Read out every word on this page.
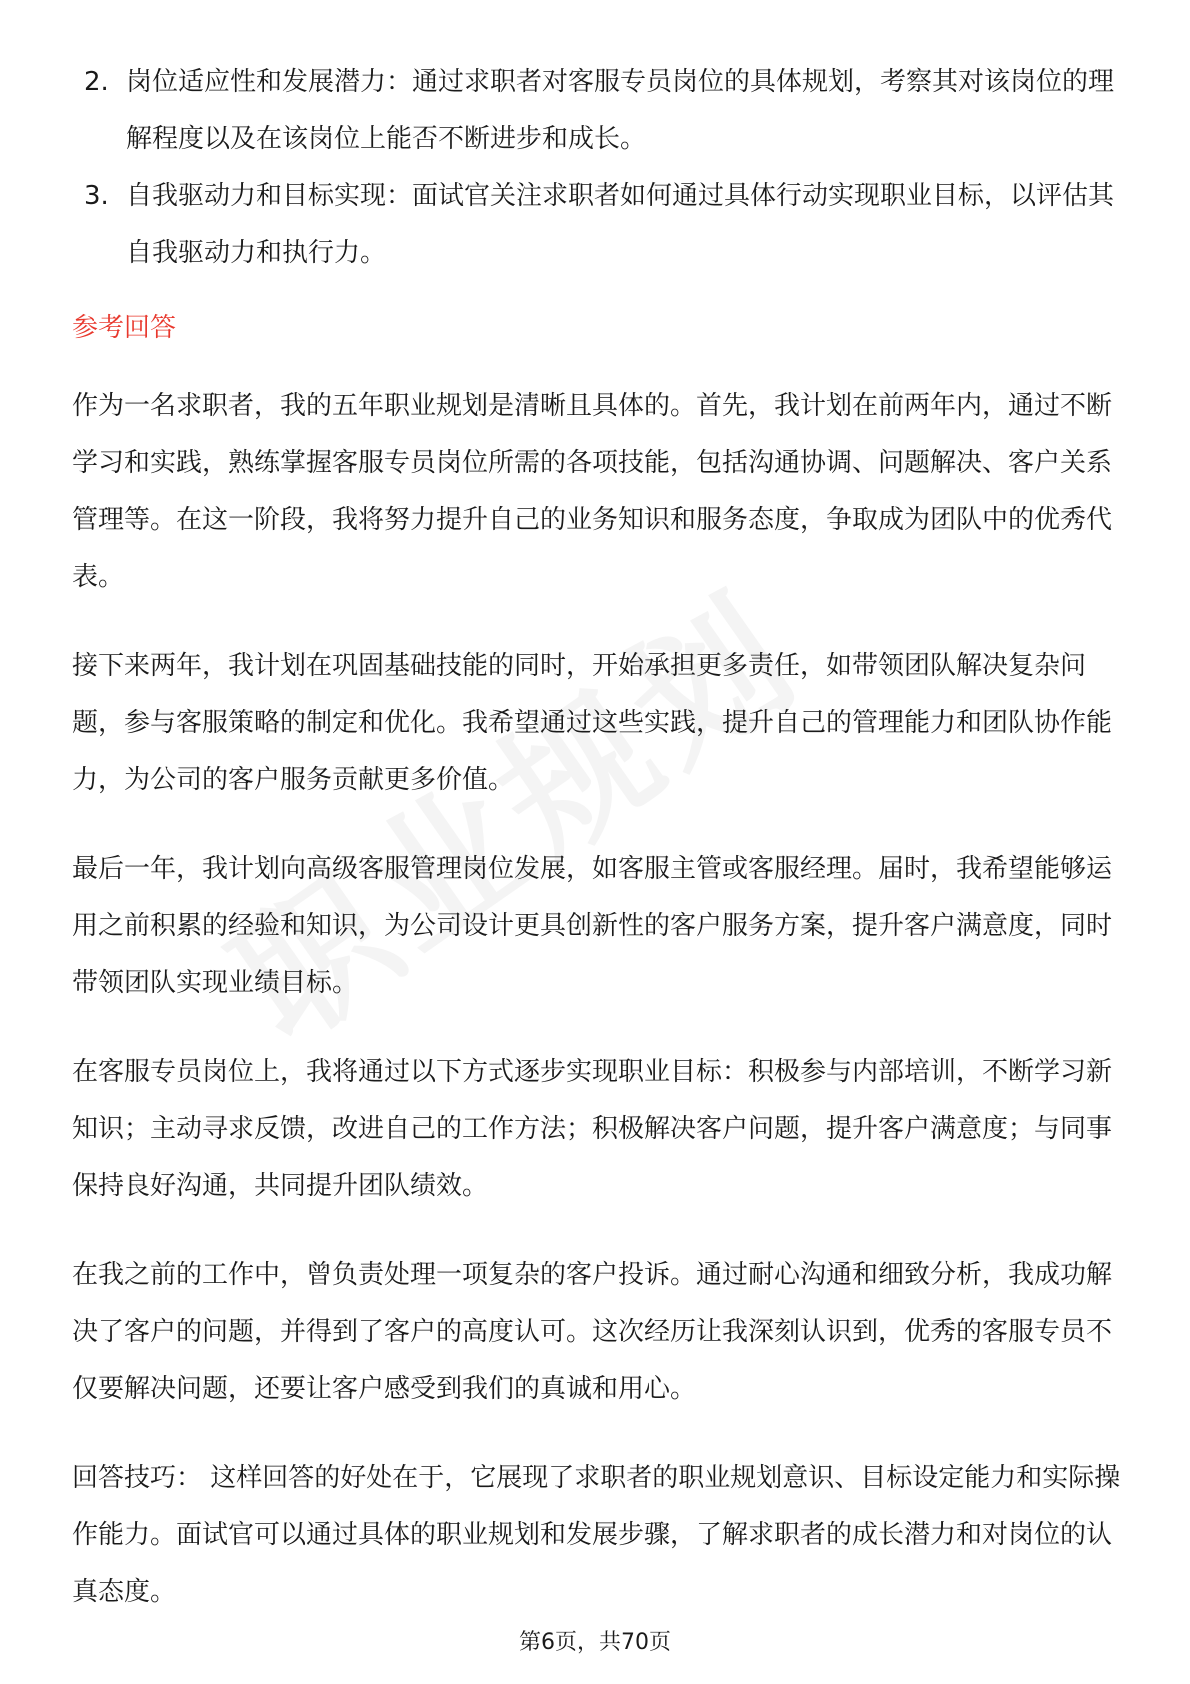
2. 岗位适应性和发展潜力：通过求职者对客服专员岗位的具体规划，考察其对该岗位的理解程度以及在该岗位上能否不断进步和成长。
3. 自我驱动力和目标实现：面试官关注求职者如何通过具体行动实现职业目标，以评估其自我驱动力和执行力。
参考回答

作为一名求职者，我的五年职业规划是清晰且具体的。首先，我计划在前两年内，通过不断学习和实践，熟练掌握客服专员岗位所需的各项技能，包括沟通协调、问题解决、客户关系管理等。在这一阶段，我将努力提升自己的业务知识和服务态度，争取成为团队中的优秀代表。

接下来两年，我计划在巩固基础技能的同时，开始承担更多责任，如带领团队解决复杂问题，参与客服策略的制定和优化。我希望通过这些实践，提升自己的管理能力和团队协作能力，为公司的客户服务贡献更多价值。

最后一年，我计划向高级客服管理岗位发展，如客服主管或客服经理。届时，我希望能够运用之前积累的经验和知识，为公司设计更具创新性的客户服务方案，提升客户满意度，同时带领团队实现业绩目标。

在客服专员岗位上，我将通过以下方式逐步实现职业目标：积极参与内部培训，不断学习新知识；主动寻求反馈，改进自己的工作方法；积极解决客户问题，提升客户满意度；与同事保持良好沟通，共同提升团队绩效。

在我之前的工作中，曾负责处理一项复杂的客户投诉。通过耐心沟通和细致分析，我成功解决了客户的问题，并得到了客户的高度认可。这次经历让我深刻认识到，优秀的客服专员不仅要解决问题，还要让客户感受到我们的真诚和用心。

回答技巧： 这样回答的好处在于，它展现了求职者的职业规划意识、目标设定能力和实际操作能力。面试官可以通过具体的职业规划和发展步骤，了解求职者的成长潜力和对岗位的认真态度。

第6页，共70页
